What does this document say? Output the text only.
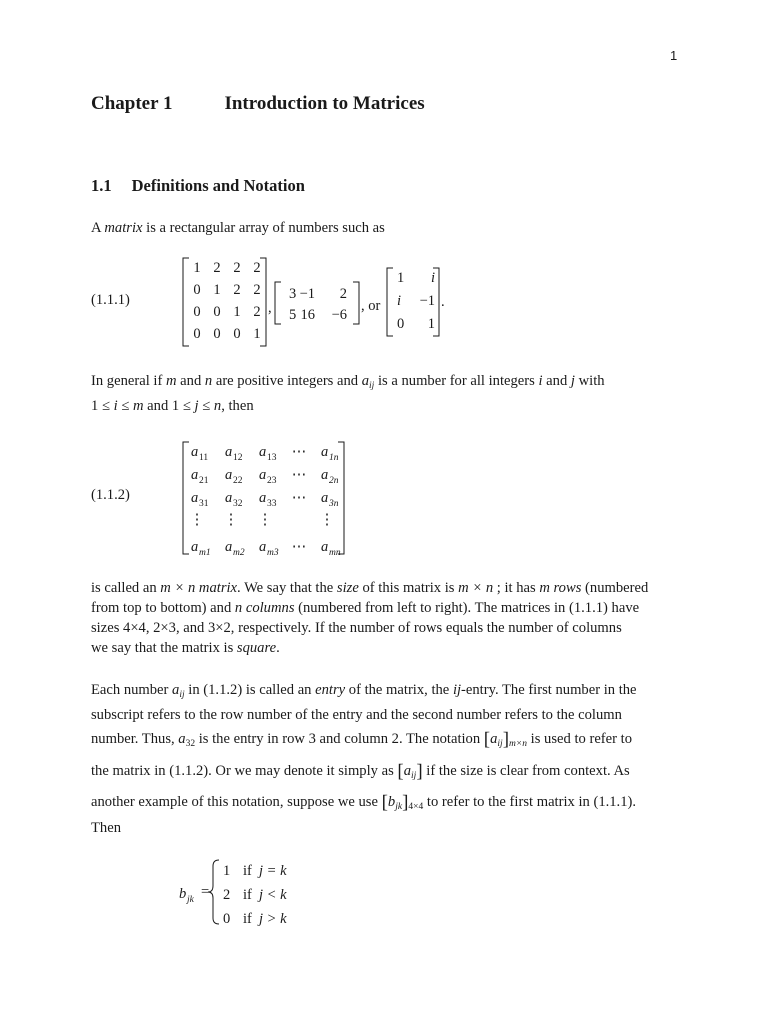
1
Chapter 1	Introduction to Matrices
1.1 Definitions and Notation
A matrix is a rectangular array of numbers such as
(1.1.1)
1 2 2 2
0 1 2 2
0 0 1 2
0 0 0 1
,
3 −1 2
5 16 −6
, or
1 i
i −1
0 1
.
In general if m and n are positive integers and $a_{ij}$ is a number for all integers i and j with
1 ≤ i ≤ m and 1 ≤ j ≤ n, then
(1.1.2)
a 11 a 12 a 13 ⋯ a 1n
a 21 a 22 a 23 ⋯ a 2n
a 31 a 32 a 33 ⋯ a 3n
⋮ ⋮ ⋮	⋮
a m1 a m2 a m3 ⋯ a mn
is called an m × n matrix. We say that the size of this matrix is m × n ; it has m rows (numbered
from top to bottom) and n columns (numbered from left to right). The matrices in (1.1.1) have
sizes 4×4, 2×3, and 3×2, respectively. If the number of rows equals the number of columns
we say that the matrix is square.
Each number $a_{ij}$ in (1.1.2) is called an entry of the matrix, the ij-entry. The first number in the
subscript refers to the row number of the entry and the second number refers to the column
number. Thus, $a_{32}$ is the entry in row 3 and column 2. The notation $[a_{ij}]_{m\times n}$ is used to refer to
the matrix in (1.1.2). Or we may denote it simply as $[a_{ij}]$ if the size is clear from context. As
another example of this notation, suppose we use $[b_{jk}]_{4\times 4}$ to refer to the first matrix in (1.1.1).
Then
b jk =
1 if j = k
2 if j < k
0 if j > k
